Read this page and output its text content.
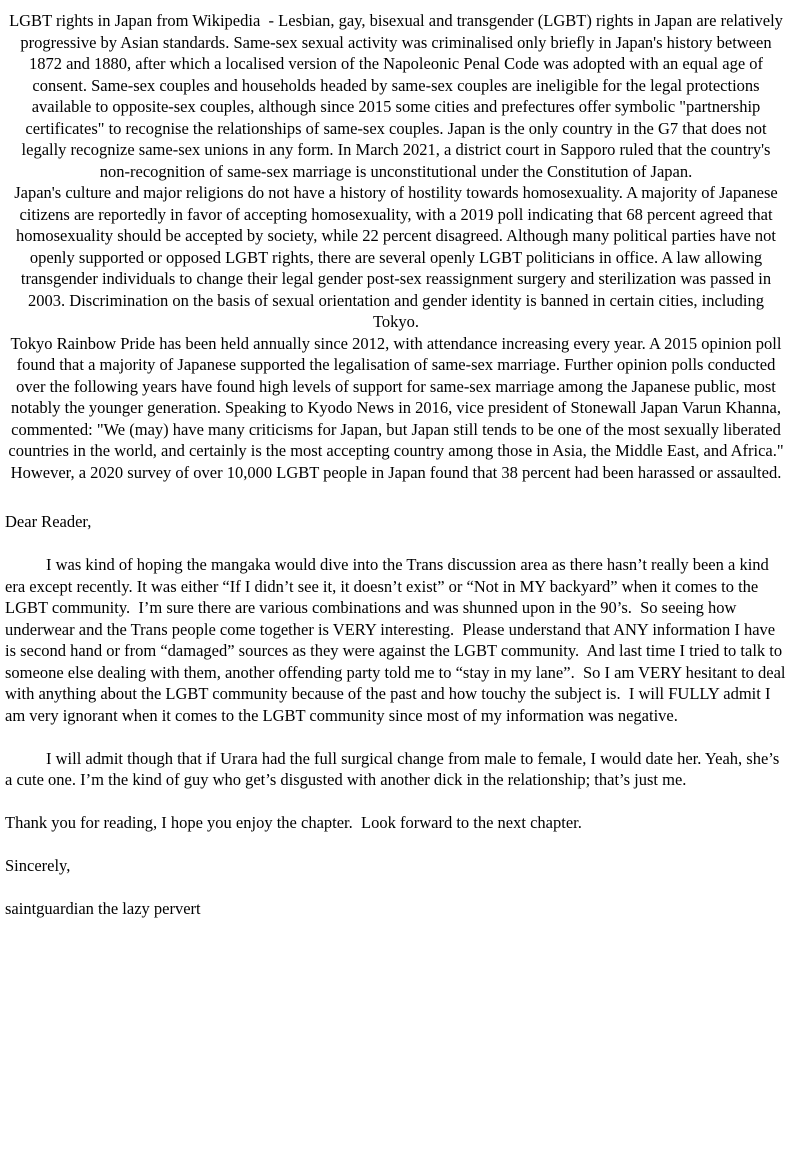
LGBT rights in Japan from Wikipedia  - Lesbian, gay, bisexual and transgender (LGBT) rights in Japan are relatively progressive by Asian standards. Same-sex sexual activity was criminalised only briefly in Japan's history between 1872 and 1880, after which a localised version of the Napoleonic Penal Code was adopted with an equal age of consent. Same-sex couples and households headed by same-sex couples are ineligible for the legal protections available to opposite-sex couples, although since 2015 some cities and prefectures offer symbolic "partnership certificates" to recognise the relationships of same-sex couples. Japan is the only country in the G7 that does not legally recognize same-sex unions in any form. In March 2021, a district court in Sapporo ruled that the country's non-recognition of same-sex marriage is unconstitutional under the Constitution of Japan.

Japan's culture and major religions do not have a history of hostility towards homosexuality. A majority of Japanese citizens are reportedly in favor of accepting homosexuality, with a 2019 poll indicating that 68 percent agreed that homosexuality should be accepted by society, while 22 percent disagreed. Although many political parties have not openly supported or opposed LGBT rights, there are several openly LGBT politicians in office. A law allowing transgender individuals to change their legal gender post-sex reassignment surgery and sterilization was passed in 2003. Discrimination on the basis of sexual orientation and gender identity is banned in certain cities, including Tokyo.

Tokyo Rainbow Pride has been held annually since 2012, with attendance increasing every year. A 2015 opinion poll found that a majority of Japanese supported the legalisation of same-sex marriage. Further opinion polls conducted over the following years have found high levels of support for same-sex marriage among the Japanese public, most notably the younger generation. Speaking to Kyodo News in 2016, vice president of Stonewall Japan Varun Khanna, commented: "We (may) have many criticisms for Japan, but Japan still tends to be one of the most sexually liberated countries in the world, and certainly is the most accepting country among those in Asia, the Middle East, and Africa." However, a 2020 survey of over 10,000 LGBT people in Japan found that 38 percent had been harassed or assaulted.

Dear Reader,

I was kind of hoping the mangaka would dive into the Trans discussion area as there hasn’t really been a kind era except recently. It was either “If I didn’t see it, it doesn’t exist” or “Not in MY backyard” when it comes to the LGBT community.  I’m sure there are various combinations and was shunned upon in the 90’s.  So seeing how underwear and the Trans people come together is VERY interesting.  Please understand that ANY information I have is second hand or from “damaged” sources as they were against the LGBT community.  And last time I tried to talk to someone else dealing with them, another offending party told me to “stay in my lane”.  So I am VERY hesitant to deal with anything about the LGBT community because of the past and how touchy the subject is.  I will FULLY admit I am very ignorant when it comes to the LGBT community since most of my information was negative.

I will admit though that if Urara had the full surgical change from male to female, I would date her. Yeah, she’s a cute one. I’m the kind of guy who get’s disgusted with another dick in the relationship; that’s just me.

Thank you for reading, I hope you enjoy the chapter.  Look forward to the next chapter.

Sincerely,

saintguardian the lazy pervert
